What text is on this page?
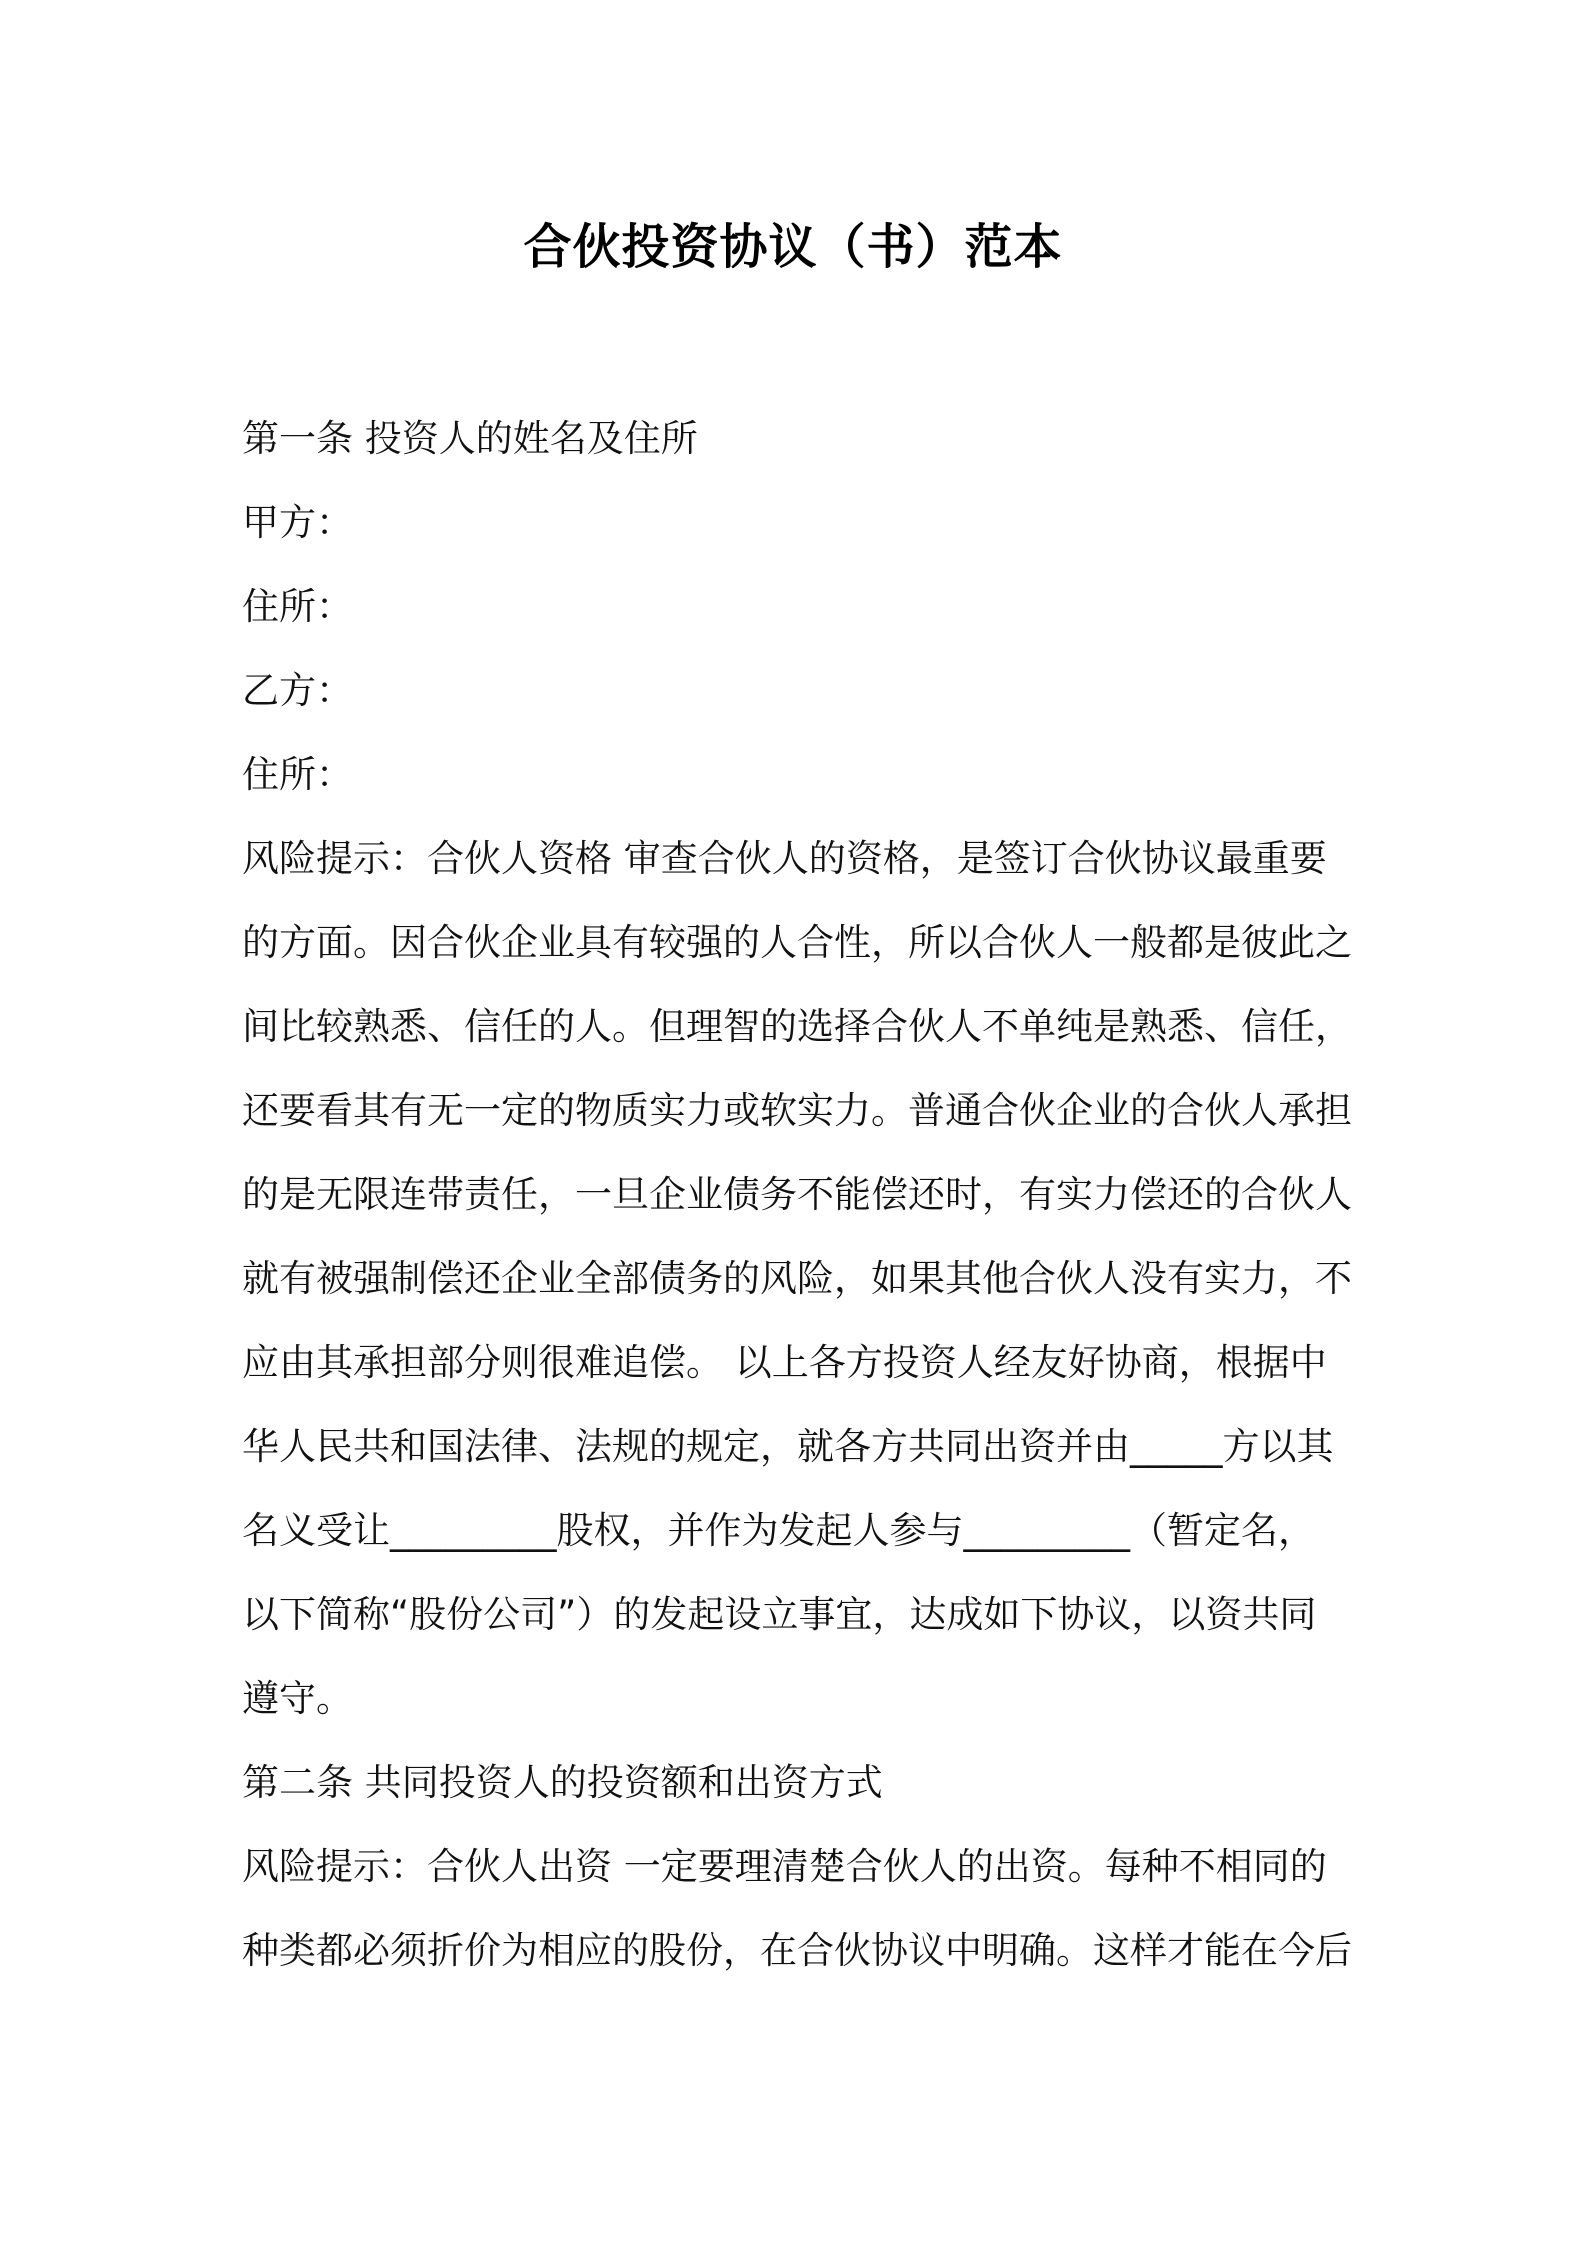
合伙投资协议（书）范本
第一条 投资人的姓名及住所
甲方：
住所：
乙方：
住所：
风险提示：合伙人资格 审查合伙人的资格，是签订合伙协议最重要
的方面。因合伙企业具有较强的人合性，所以合伙人一般都是彼此之
间比较熟悉、信任的人。但理智的选择合伙人不单纯是熟悉、信任，
还要看其有无一定的物质实力或软实力。普通合伙企业的合伙人承担
的是无限连带责任，一旦企业债务不能偿还时，有实力偿还的合伙人
就有被强制偿还企业全部债务的风险，如果其他合伙人没有实力，不
应由其承担部分则很难追偿。 以上各方投资人经友好协商，根据中
华人民共和国法律、法规的规定，就各方共同出资并由_____方以其
名义受让_________股权，并作为发起人参与_________（暂定名，
以下简称“股份公司”）的发起设立事宜，达成如下协议，以资共同
遵守。
第二条 共同投资人的投资额和出资方式
风险提示：合伙人出资 一定要理清楚合伙人的出资。每种不相同的
种类都必须折价为相应的股份，在合伙协议中明确。这样才能在今后
